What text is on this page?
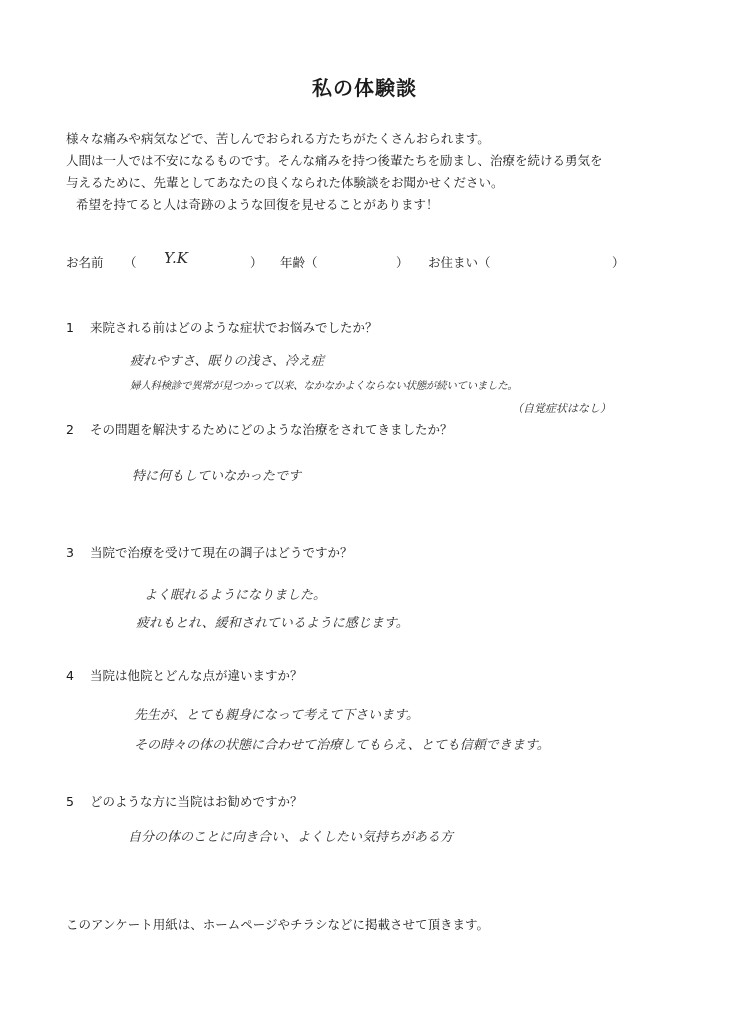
私の体験談
様々な痛みや病気などで、苦しんでおられる方たちがたくさんおられます。
人間は一人では不安になるものです。そんな痛みを持つ後輩たちを励まし、治療を続ける勇気を
与えるために、先輩としてあなたの良くなられた体験談をお聞かせください。
希望を持てると人は奇跡のような回復を見せることがあります！
お名前 （ Y.K	） 年齢（	） お住まい（	）
1 来院される前はどのような症状でお悩みでしたか？
疲れやすさ、眠りの浅さ、冷え症
婦人科検診で異常が見つかって以来、なかなかよくならない状態が続いていました。
（自覚症状はなし）
2 その問題を解決するためにどのような治療をされてきましたか？
特に何もしていなかったです
3 当院で治療を受けて現在の調子はどうですか？
よく眠れるようになりました。
疲れもとれ、緩和されているように感じます。
4 当院は他院とどんな点が違いますか？
先生が、とても親身になって考えて下さいます。
その時々の体の状態に合わせて治療してもらえ、とても信頼できます。
5 どのような方に当院はお勧めですか？
自分の体のことに向き合い、よくしたい気持ちがある方
このアンケート用紙は、ホームページやチラシなどに掲載させて頂きます。
